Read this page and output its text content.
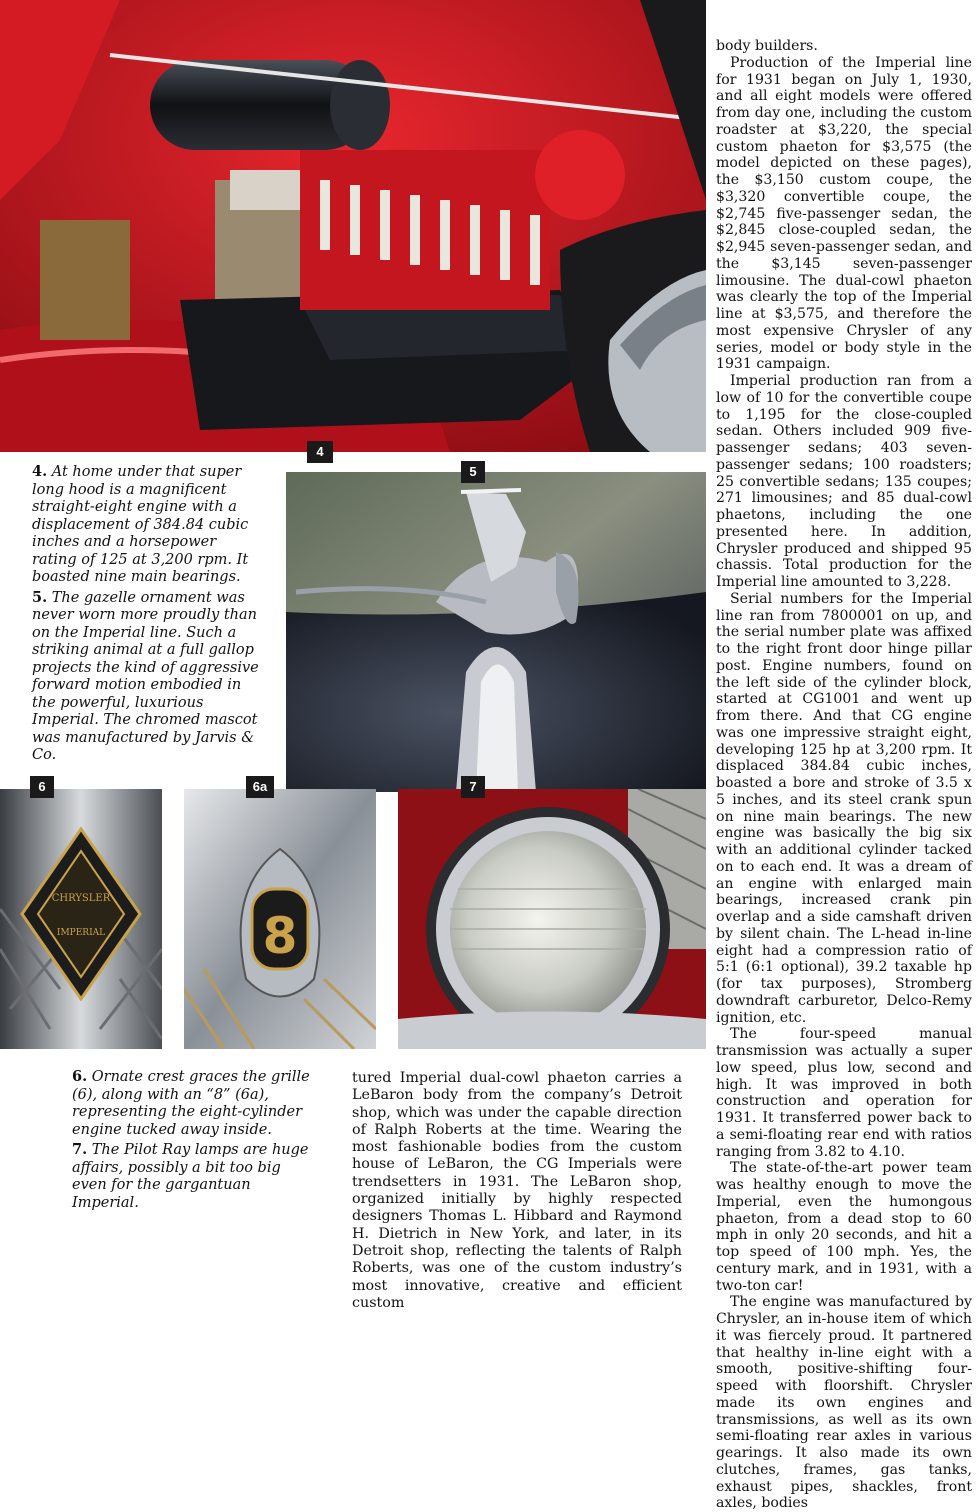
4
5
CHRYSLER
IMPERIAL
6
8
6a	7

4. At home under that super long hood is a magnificent straight-eight engine with a displacement of 384.84 cubic inches and a horsepower rating of 125 at 3,200 rpm. It boasted nine main bearings.

5. The gazelle ornament was never worn more proudly than on the Imperial line. Such a striking animal at a full gallop projects the kind of aggressive forward motion embodied in the powerful, luxurious Imperial. The chromed mascot was manufactured by Jarvis & Co.

6. Ornate crest graces the grille (6), along with an “8” (6a), representing the eight-cylinder engine tucked away inside.

7. The Pilot Ray lamps are huge affairs, possibly a bit too big even for the gargantuan Imperial.

tured Imperial dual-cowl phaeton carries a LeBaron body from the company’s Detroit shop, which was under the capable direction of Ralph Roberts at the time. Wearing the most fashionable bodies from the custom house of LeBaron, the CG Imperials were trendsetters in 1931. The LeBaron shop, organized initially by highly respected designers Thomas L. Hibbard and Raymond H. Dietrich in New York, and later, in its Detroit shop, reflecting the talents of Ralph Roberts, was one of the custom industry’s most innovative, creative and efficient custom

body builders.

Production of the Imperial line for 1931 began on July 1, 1930, and all eight models were offered from day one, including the custom roadster at $3,220, the special custom phaeton for $3,575 (the model depicted on these pages), the $3,150 custom coupe, the $3,320 convertible coupe, the $2,745 five-passenger sedan, the $2,845 close-coupled sedan, the $2,945 seven-passenger sedan, and the $3,145 seven-passenger limousine. The dual-cowl phaeton was clearly the top of the Imperial line at $3,575, and therefore the most expensive Chrysler of any series, model or body style in the 1931 campaign.

Imperial production ran from a low of 10 for the convertible coupe to 1,195 for the close-coupled sedan. Others included 909 five-passenger sedans; 403 seven-passenger sedans; 100 roadsters; 25 convertible sedans; 135 coupes; 271 limousines; and 85 dual-cowl phaetons, including the one presented here. In addition, Chrysler produced and shipped 95 chassis. Total production for the Imperial line amounted to 3,228.

Serial numbers for the Imperial line ran from 7800001 on up, and the serial number plate was affixed to the right front door hinge pillar post. Engine numbers, found on the left side of the cylinder block, started at CG1001 and went up from there. And that CG engine was one impressive straight eight, developing 125 hp at 3,200 rpm. It displaced 384.84 cubic inches, boasted a bore and stroke of 3.5 x 5 inches, and its steel crank spun on nine main bearings. The new engine was basically the big six with an additional cylinder tacked on to each end. It was a dream of an engine with enlarged main bearings, increased crank pin overlap and a side camshaft driven by silent chain. The L-head in-line eight had a compression ratio of 5:1 (6:1 optional), 39.2 taxable hp (for tax purposes), Stromberg downdraft carburetor, Delco-Remy ignition, etc.

The four-speed manual transmission was actually a super low speed, plus low, second and high. It was improved in both construction and operation for 1931. It transferred power back to a semi-floating rear end with ratios ranging from 3.82 to 4.10.

The state-of-the-art power team was healthy enough to move the Imperial, even the humongous phaeton, from a dead stop to 60 mph in only 20 seconds, and hit a top speed of 100 mph. Yes, the century mark, and in 1931, with a two-ton car!

The engine was manufactured by Chrysler, an in-house item of which it was fiercely proud. It partnered that healthy in-line eight with a smooth, positive-shifting four-speed with floorshift. Chrysler made its own engines and transmissions, as well as its own semi-floating rear axles in various gearings. It also made its own clutches, frames, gas tanks, exhaust pipes, shackles, front axles, bodies
